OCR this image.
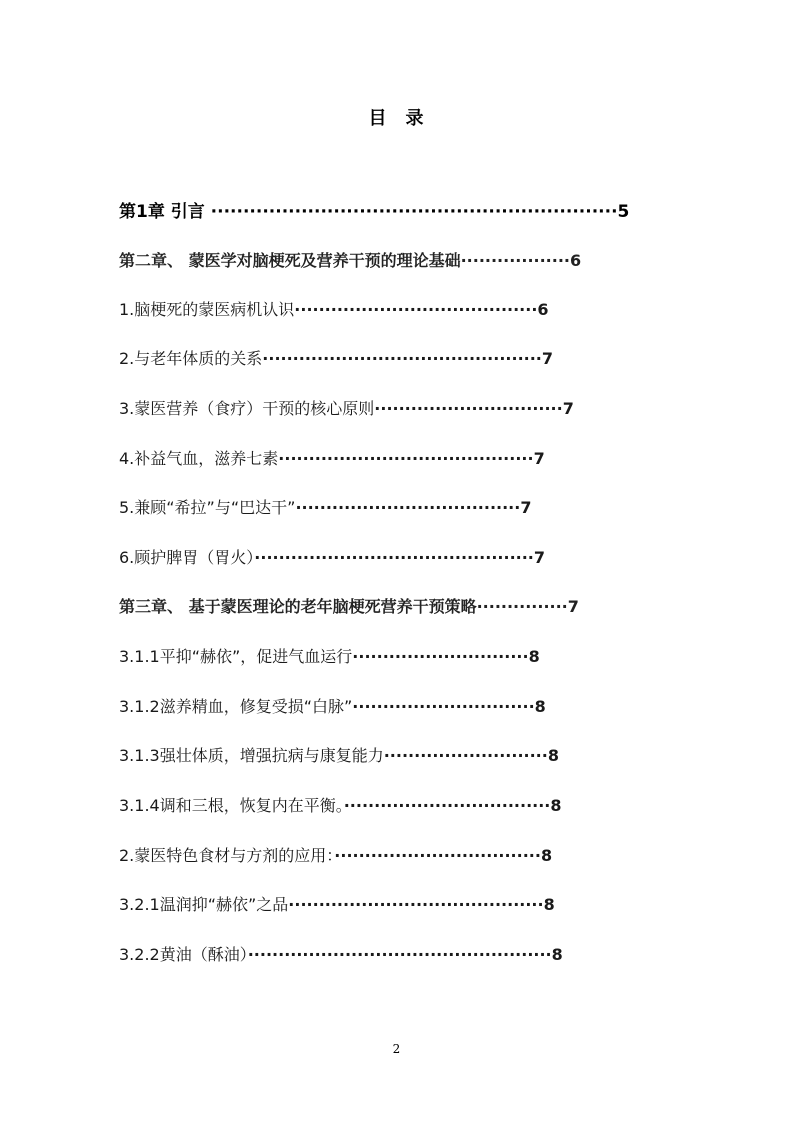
目 录
第1章 引言 ·······························································5
第二章、 蒙医学对脑梗死及营养干预的理论基础··················6
1.脑梗死的蒙医病机认识········································6
2.与老年体质的关系··············································7
3.蒙医营养（食疗）干预的核心原则·······························7
4.补益气血，滋养七素··········································7
5.兼顾“希拉”与“巴达干”·····································7
6.顾护脾胃（胃火）··············································7
第三章、 基于蒙医理论的老年脑梗死营养干预策略···············7
3.1.1平抑“赫依”，促进气血运行·····························8
3.1.2滋养精血，修复受损“白脉”······························8
3.1.3强壮体质，增强抗病与康复能力···························8
3.1.4调和三根，恢复内在平衡。··································8
2.蒙医特色食材与方剂的应用：··································8
3.2.1温润抑“赫依”之品··········································8
3.2.2黄油（酥油）··················································8
2
